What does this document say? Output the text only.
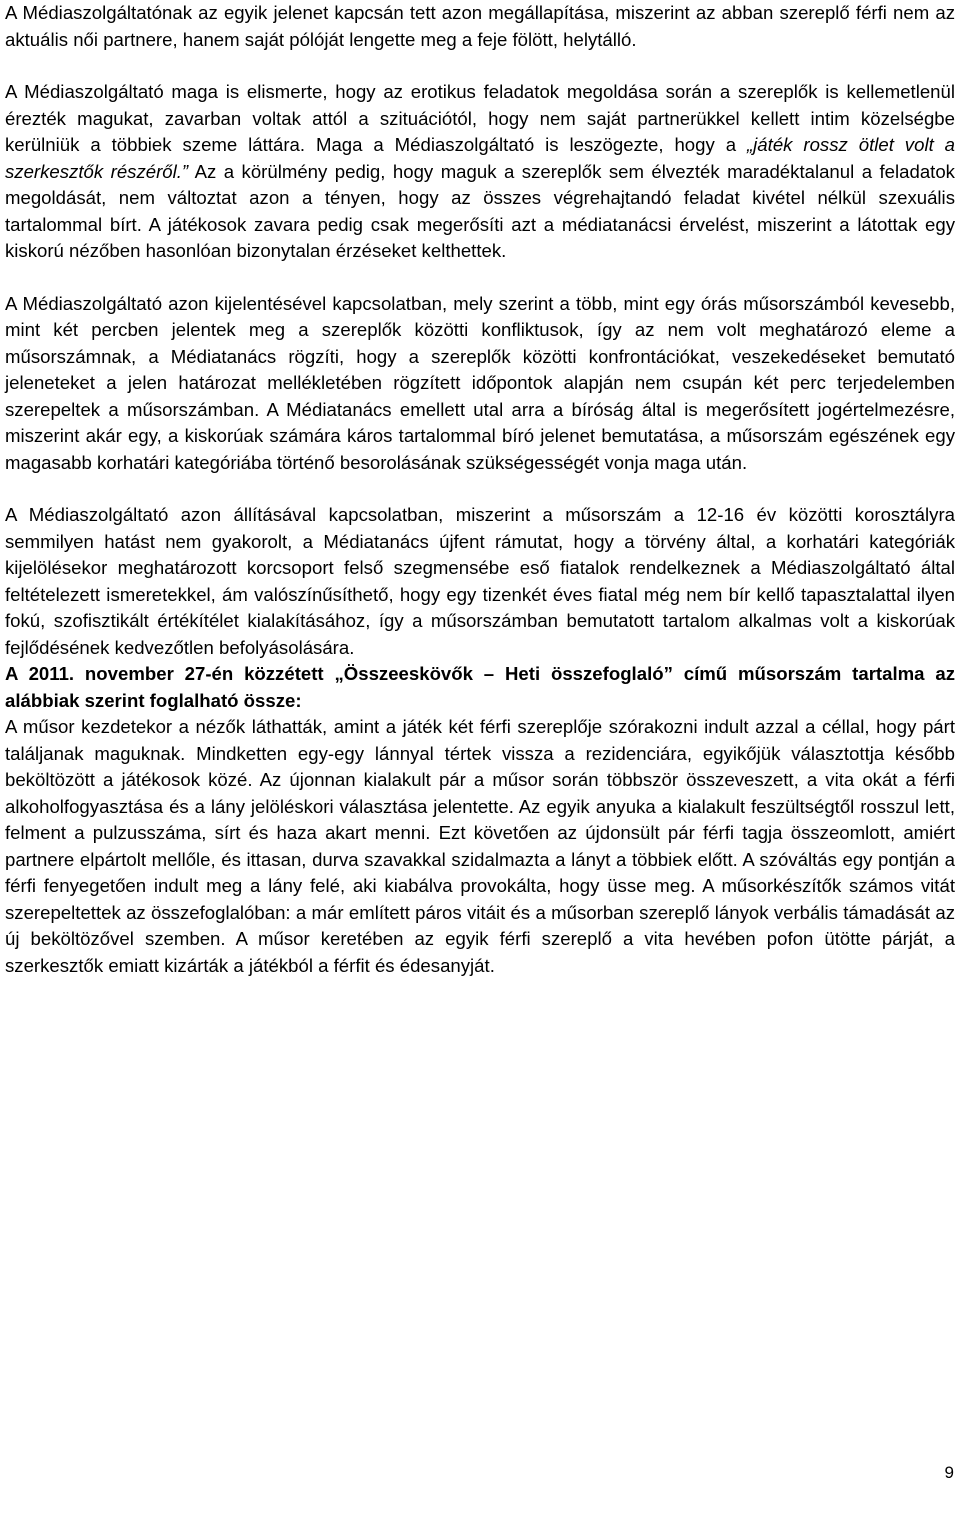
A Médiaszolgáltatónak az egyik jelenet kapcsán tett azon megállapítása, miszerint az abban szereplő férfi nem az aktuális női partnere, hanem saját pólóját lengette meg a feje fölött, helytálló.

A Médiaszolgáltató maga is elismerte, hogy az erotikus feladatok megoldása során a szereplők is kellemetlenül érezték magukat, zavarban voltak attól a szituációtól, hogy nem saját partnerükkel kellett intim közelségbe kerülniük a többiek szeme láttára. Maga a Médiaszolgáltató is leszögezte, hogy a „játék rossz ötlet volt a szerkesztők részéről.” Az a körülmény pedig, hogy maguk a szereplők sem élvezték maradéktalanul a feladatok megoldását, nem változtat azon a tényen, hogy az összes végrehajtandó feladat kivétel nélkül szexuális tartalommal bírt. A játékosok zavara pedig csak megerősíti azt a médiatanácsi érvelést, miszerint a látottak egy kiskorú nézőben hasonlóan bizonytalan érzéseket kelthettek.

A Médiaszolgáltató azon kijelentésével kapcsolatban, mely szerint a több, mint egy órás műsorszámból kevesebb, mint két percben jelentek meg a szereplők közötti konfliktusok, így az nem volt meghatározó eleme a műsorszámnak, a Médiatanács rögzíti, hogy a szereplők közötti konfrontációkat, veszekedéseket bemutató jeleneteket a jelen határozat mellékletében rögzített időpontok alapján nem csupán két perc terjedelemben szerepeltek a műsorszámban. A Médiatanács emellett utal arra a bíróság által is megerősített jogértelmezésre, miszerint akár egy, a kiskorúak számára káros tartalommal bíró jelenet bemutatása, a műsorszám egészének egy magasabb korhatári kategóriába történő besorolásának szükségességét vonja maga után.

A Médiaszolgáltató azon állításával kapcsolatban, miszerint a műsorszám a 12-16 év közötti korosztályra semmilyen hatást nem gyakorolt, a Médiatanács újfent rámutat, hogy a törvény által, a korhatári kategóriák kijelölésekor meghatározott korcsoport felső szegmensébe eső fiatalok rendelkeznek a Médiaszolgáltató által feltételezett ismeretekkel, ám valószínűsíthető, hogy egy tizenkét éves fiatal még nem bír kellő tapasztalattal ilyen fokú, szofisztikált értékítélet kialakításához, így a műsorszámban bemutatott tartalom alkalmas volt a kiskorúak fejlődésének kedvezőtlen befolyásolására.

A 2011. november 27-én közzétett „Összeeskövők – Heti összefoglaló” című műsorszám tartalma az alábbiak szerint foglalható össze:

A műsor kezdetekor a nézők láthatták, amint a játék két férfi szereplője szórakozni indult azzal a céllal, hogy párt találjanak maguknak. Mindketten egy-egy lánnyal tértek vissza a rezidenciára, egyikőjük választottja később beköltözött a játékosok közé. Az újonnan kialakult pár a műsor során többször összeveszett, a vita okát a férfi alkoholfogyasztása és a lány jelöléskori választása jelentette. Az egyik anyuka a kialakult feszültségtől rosszul lett, felment a pulzusszáma, sírt és haza akart menni. Ezt követően az újdonsült pár férfi tagja összeomlott, amiért partnere elpártolt mellőle, és ittasan, durva szavakkal szidalmazta a lányt a többiek előtt. A szóváltás egy pontján a férfi fenyegetően indult meg a lány felé, aki kiabálva provokálta, hogy üsse meg. A műsorkészítők számos vitát szerepeltettek az összefoglalóban: a már említett páros vitáit és a műsorban szereplő lányok verbális támadását az új beköltözővel szemben. A műsor keretében az egyik férfi szereplő a vita hevében pofon ütötte párját, a szerkesztők emiatt kizárták a játékból a férfit és édesanyját.

9
